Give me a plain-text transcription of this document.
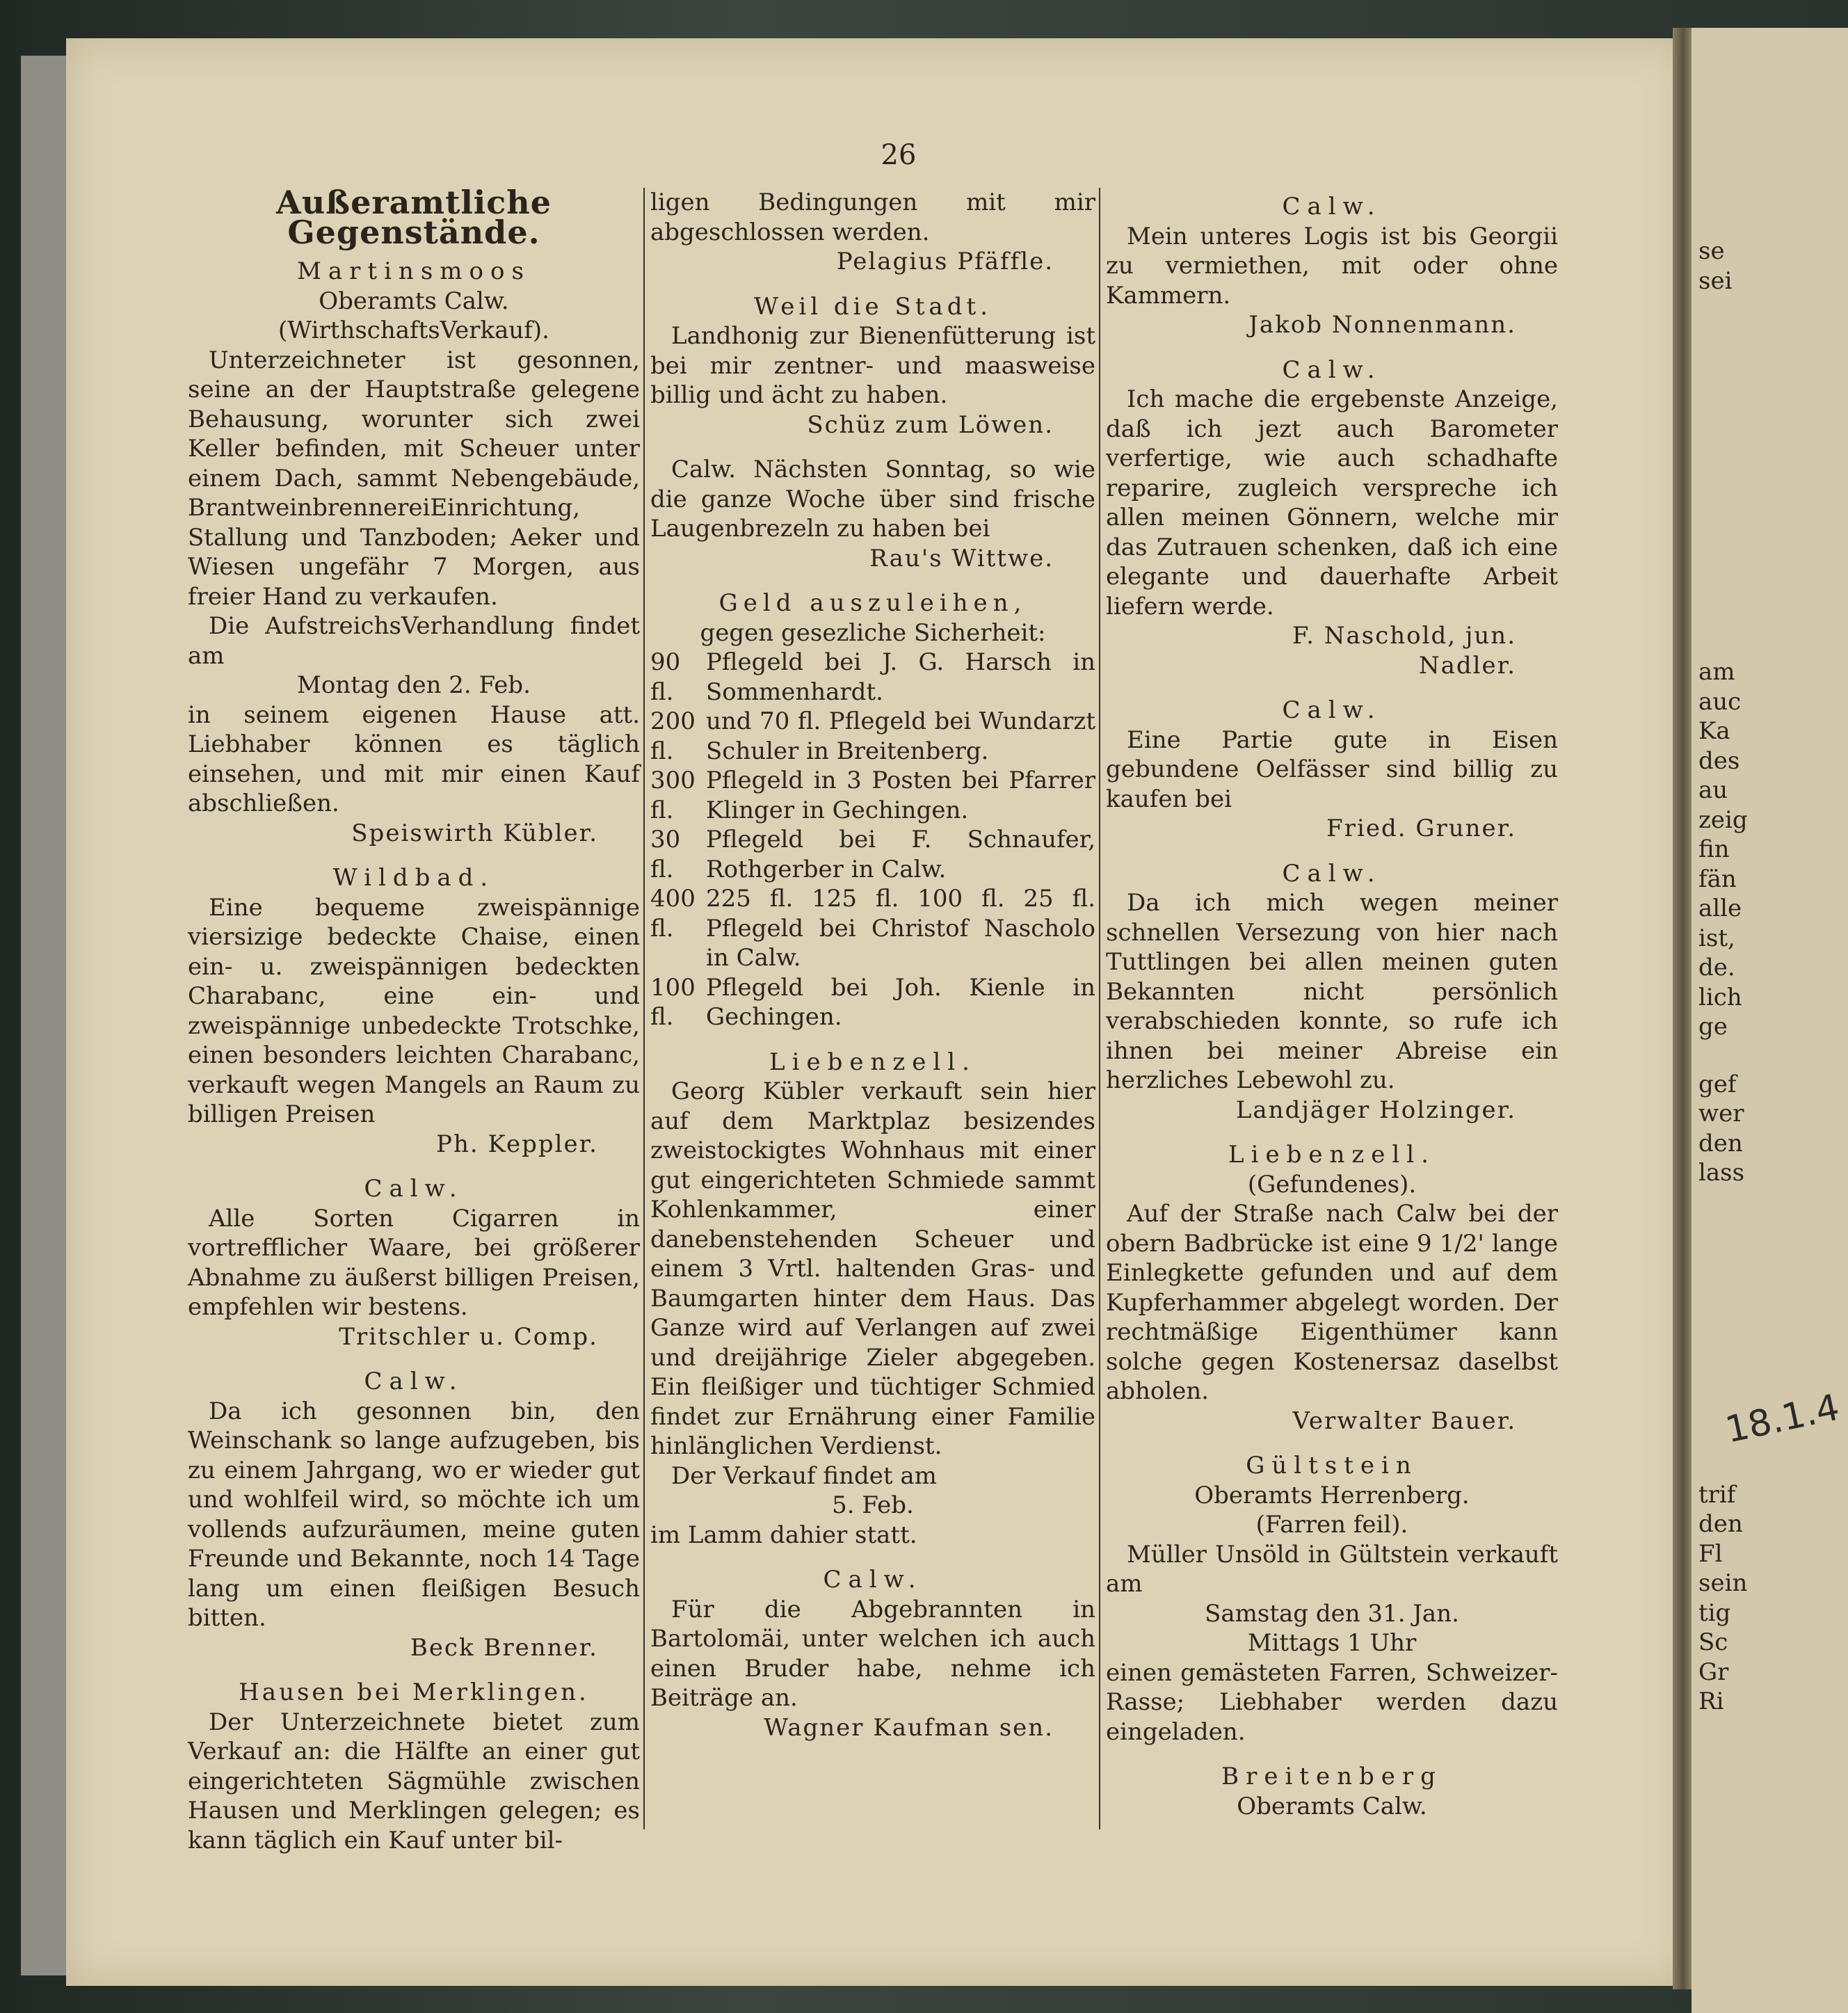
se
sei
am
auc
Ka
des
au
zeig
fin
fän
alle
ist,
de.
lich
ge
gef
wer
den
lass
trif
den
Fl
sein
tig
Sc
Gr
Ri
18.1.4
26
Außeramtliche Gegenstände.
Martinsmoos
Oberamts Calw.
(WirthschaftsVerkauf).
Unterzeichneter ist gesonnen, seine an der Hauptstraße gelegene Behausung, worunter sich zwei Keller befinden, mit Scheuer unter einem Dach, sammt Nebengebäude, BrantweinbrennereiEinrichtung, Stallung und Tanzboden; Aeker und Wiesen ungefähr 7 Morgen, aus freier Hand zu verkaufen.
Die AufstreichsVerhandlung findet am
Montag den 2. Feb.
in seinem eigenen Hause att. Liebhaber können es täglich einsehen, und mit mir einen Kauf abschließen.
Speiswirth Kübler.
Wildbad.
Eine bequeme zweispännige viersizige bedeckte Chaise, einen ein- u. zweispännigen bedeckten Charabanc, eine ein- und zweispännige unbedeckte Trotschke, einen besonders leichten Charabanc, verkauft wegen Mangels an Raum zu billigen Preisen
Ph. Keppler.
Calw.
Alle Sorten Cigarren in vortrefflicher Waare, bei größerer Abnahme zu äußerst billigen Preisen, empfehlen wir bestens.
Tritschler u. Comp.
Calw.
Da ich gesonnen bin, den Weinschank so lange aufzugeben, bis zu einem Jahrgang, wo er wieder gut und wohlfeil wird, so möchte ich um vollends aufzuräumen, meine guten Freunde und Bekannte, noch 14 Tage lang um einen fleißigen Besuch bitten.
Beck Brenner.
Hausen bei Merklingen.
Der Unterzeichnete bietet zum Verkauf an: die Hälfte an einer gut eingerichteten Sägmühle zwischen Hausen und Merklingen gelegen; es kann täglich ein Kauf unter bil-
ligen Bedingungen mit mir abgeschlossen werden.
Pelagius Pfäffle.
Weil die Stadt.
Landhonig zur Bienenfütterung ist bei mir zentner- und maasweise billig und ächt zu haben.
Schüz zum Löwen.
Calw. Nächsten Sonntag, so wie die ganze Woche über sind frische Laugenbrezeln zu haben bei
Rau's Wittwe.
Geld auszuleihen,
gegen gesezliche Sicherheit:
90 fl.
Pflegeld bei J. G. Harsch in Sommenhardt.
200 fl.
und 70 fl. Pflegeld bei Wundarzt Schuler in Breitenberg.
300 fl.
Pflegeld in 3 Posten bei Pfarrer Klinger in Gechingen.
30 fl.
Pflegeld bei F. Schnaufer, Rothgerber in Calw.
400 fl.
225 fl. 125 fl. 100 fl. 25 fl. Pflegeld bei Christof Nascholo in Calw.
100 fl.
Pflegeld bei Joh. Kienle in Gechingen.
Liebenzell.
Georg Kübler verkauft sein hier auf dem Marktplaz besizendes zweistockigtes Wohnhaus mit einer gut eingerichteten Schmiede sammt Kohlenkammer, einer danebenstehenden Scheuer und einem 3 Vrtl. haltenden Gras- und Baumgarten hinter dem Haus. Das Ganze wird auf Verlangen auf zwei und dreijährige Zieler abgegeben. Ein fleißiger und tüchtiger Schmied findet zur Ernährung einer Familie hinlänglichen Verdienst.
Der Verkauf findet am
5. Feb.
im Lamm dahier statt.
Calw.
Für die Abgebrannten in Bartolomäi, unter welchen ich auch einen Bruder habe, nehme ich Beiträge an.
Wagner Kaufman sen.
Calw.
Mein unteres Logis ist bis Georgii zu vermiethen, mit oder ohne Kammern.
Jakob Nonnenmann.
Calw.
Ich mache die ergebenste Anzeige, daß ich jezt auch Barometer verfertige, wie auch schadhafte reparire, zugleich verspreche ich allen meinen Gönnern, welche mir das Zutrauen schenken, daß ich eine elegante und dauerhafte Arbeit liefern werde.
F. Naschold, jun.
Nadler.
Calw.
Eine Partie gute in Eisen gebundene Oelfässer sind billig zu kaufen bei
Fried. Gruner.
Calw.
Da ich mich wegen meiner schnellen Versezung von hier nach Tuttlingen bei allen meinen guten Bekannten nicht persönlich verabschieden konnte, so rufe ich ihnen bei meiner Abreise ein herzliches Lebewohl zu.
Landjäger Holzinger.
Liebenzell.
(Gefundenes).
Auf der Straße nach Calw bei der obern Badbrücke ist eine 9 1/2' lange Einlegkette gefunden und auf dem Kupferhammer abgelegt worden. Der rechtmäßige Eigenthümer kann solche gegen Kostenersaz daselbst abholen.
Verwalter Bauer.
Gültstein
Oberamts Herrenberg.
(Farren feil).
Müller Unsöld in Gültstein verkauft am
Samstag den 31. Jan.
Mittags 1 Uhr
einen gemästeten Farren, Schweizer-Rasse; Liebhaber werden dazu eingeladen.
Breitenberg
Oberamts Calw.
